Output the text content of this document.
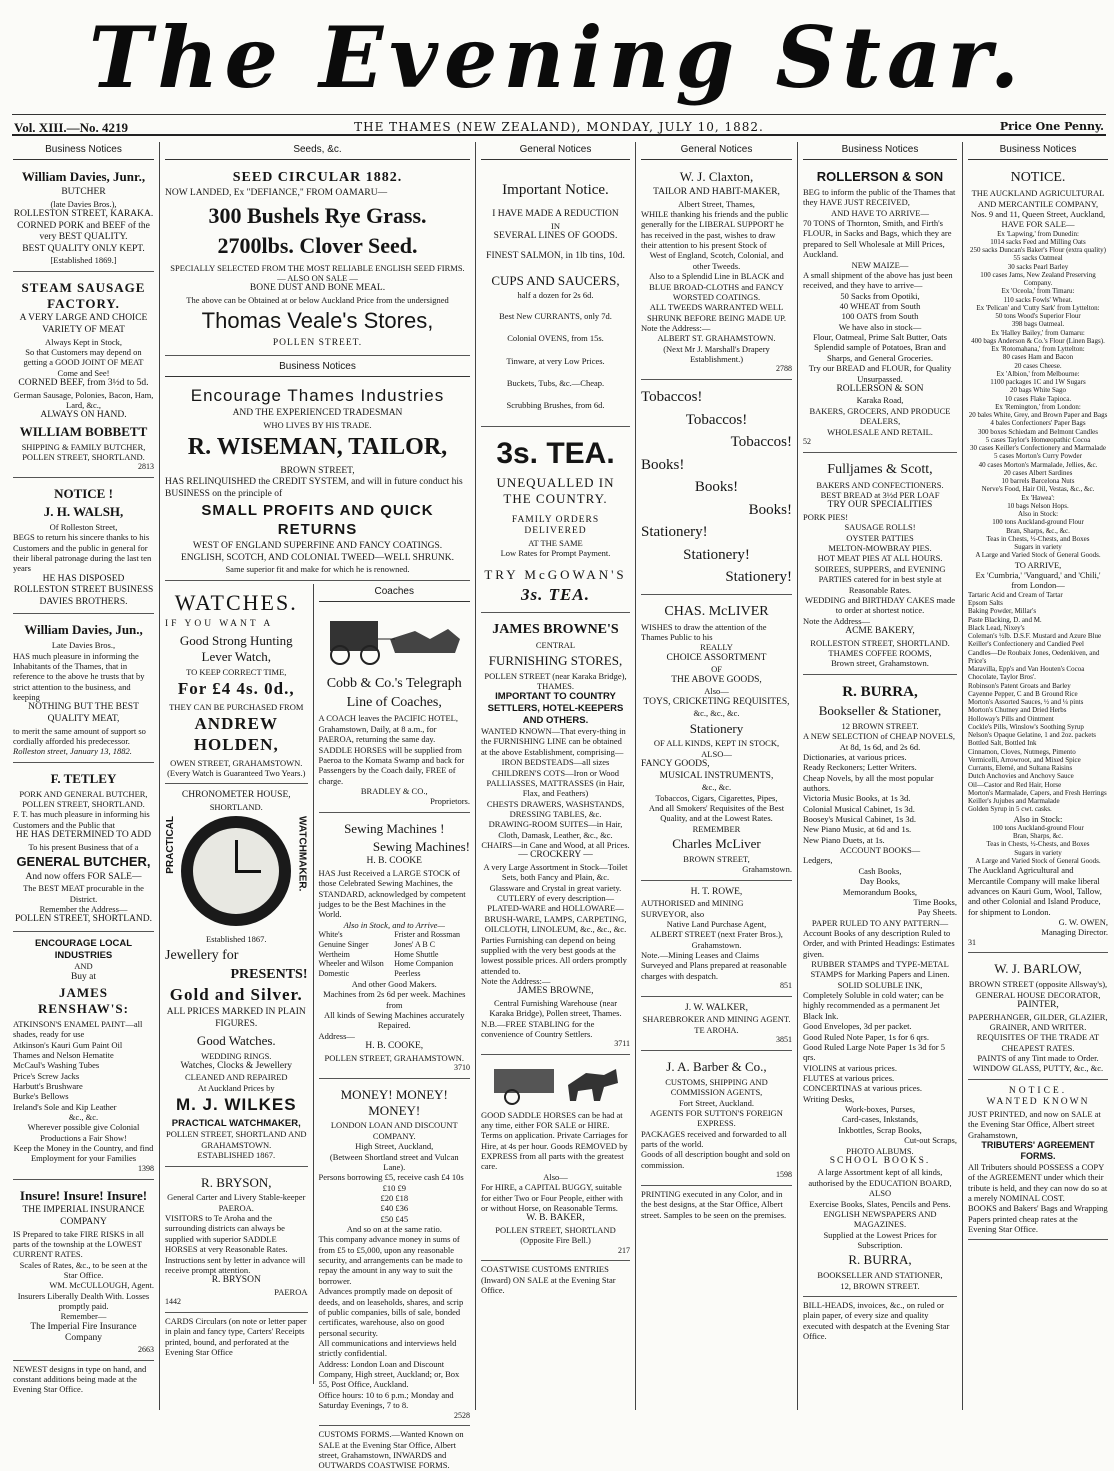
The Evening Star.
Vol. XIII.—No. 4219	THE THAMES (NEW ZEALAND), MONDAY, JULY 10, 1882.	Price One Penny.
Business Notices
William Davies, Junr.,
BUTCHER
(late Davies Bros.),
ROLLESTON STREET, KARAKA.
CORNED PORK and BEEF of the very BEST QUALITY.
BEST QUALITY ONLY KEPT.
[Established 1869.]
STEAM SAUSAGE FACTORY.
A VERY LARGE AND CHOICE VARIETY OF MEAT
Always Kept in Stock,
So that Customers may depend on getting a GOOD JOINT OF MEAT
Come and See!
CORNED BEEF, from 3½d to 5d.
German Sausage, Polonies, Bacon, Ham, Lard, &c.,
ALWAYS ON HAND.
WILLIAM BOBBETT
SHIPPING & FAMILY BUTCHER, POLLEN STREET, SHORTLAND.
2813
NOTICE !
J. H. WALSH,
Of Rolleston Street,
BEGS to return his sincere thanks to his Customers and the public in general for their liberal patronage during the last ten years
HE HAS DISPOSED
ROLLESTON STREET BUSINESS
DAVIES BROTHERS.
William Davies, Jun.,
Late Davies Bros.,
HAS much pleasure in informing the Inhabitants of the Thames, that in reference to the above he trusts that by strict attention to the business, and keeping
NOTHING BUT THE BEST QUALITY MEAT,
to merit the same amount of support so cordially afforded his predecessor.
Rolleston street, January 13, 1882.
F. TETLEY
PORK AND GENERAL BUTCHER, POLLEN STREET, SHORTLAND.
F. T. has much pleasure in informing his Customers and the Public that
HE HAS DETERMINED TO ADD
To his present Business that of a
GENERAL BUTCHER,
And now offers FOR SALE—
The BEST MEAT procurable in the District.
Remember the Address—
POLLEN STREET, SHORTLAND.
ENCOURAGE LOCAL INDUSTRIES
AND
Buy at
JAMES RENSHAW'S:
ATKINSON'S ENAMEL PAINT—all shades, ready for use
Atkinson's Kauri Gum Paint Oil
Thames and Nelson Hematite
McCaul's Washing Tubes
Price's Screw Jacks
Harbutt's Brushware
Burke's Bellows
Ireland's Sole and Kip Leather
&c., &c.
Wherever possible give Colonial Productions a Fair Show!
Keep the Money in the Country, and find Employment for your Families
1398
Insure! Insure! Insure!
THE IMPERIAL INSURANCE COMPANY
IS Prepared to take FIRE RISKS in all parts of the township at the LOWEST CURRENT RATES.
Scales of Rates, &c., to be seen at the Star Office.
WM. McCULLOUGH, Agent.
Insurers Liberally Dealth With. Losses promptly paid.
Remember—
The Imperial Fire Insurance Company
2663
NEWEST designs in type on hand, and constant additions being made at the Evening Star Office.
Seeds, &c.
SEED CIRCULAR 1882.
NOW LANDED, Ex "DEFIANCE," FROM OAMARU—
300 Bushels Rye Grass.
2700lbs. Clover Seed.
SPECIALLY SELECTED FROM THE MOST RELIABLE ENGLISH SEED FIRMS.
— ALSO ON SALE —
BONE DUST AND BONE MEAL.
The above can be Obtained at or below Auckland Price from the undersigned
Thomas Veale's Stores,
POLLEN STREET.
Business Notices
Encourage Thames Industries
AND THE EXPERIENCED TRADESMAN
WHO LIVES BY HIS TRADE.
R. WISEMAN, TAILOR,
BROWN STREET,
HAS RELINQUISHED the CREDIT SYSTEM, and will in future conduct his BUSINESS on the principle of
SMALL PROFITS AND QUICK RETURNS
WEST OF ENGLAND SUPERFINE AND FANCY COATINGS.
ENGLISH, SCOTCH, AND COLONIAL TWEED—WELL SHRUNK.
Same superior fit and make for which he is renowned.
WATCHES.
IF YOU WANT A
Good Strong Hunting Lever Watch,
TO KEEP CORRECT TIME,
For £4 4s. 0d.,
THEY CAN BE PURCHASED FROM
ANDREW HOLDEN,
OWEN STREET, GRAHAMSTOWN.
(Every Watch is Guaranteed Two Years.)
CHRONOMETER HOUSE,
SHORTLAND.
PRACTICAL	WATCHMAKER.
Established 1867.
Jewellery for
PRESENTS!
Gold and Silver.
ALL PRICES MARKED IN PLAIN FIGURES.
Good Watches.
WEDDING RINGS.
Watches, Clocks & Jewellery
CLEANED AND REPAIRED
At Auckland Prices by
M. J. WILKES
PRACTICAL WATCHMAKER,
POLLEN STREET, SHORTLAND AND GRAHAMSTOWN.
ESTABLISHED 1867.
R. BRYSON,
General Carter and Livery Stable-keeper PAEROA.
VISITORS to Te Aroha and the surrounding districts can always be supplied with superior SADDLE HORSES at very Reasonable Rates. Instructions sent by letter in advance will receive prompt attention.
R. BRYSON
PAEROA
1442
CARDS Circulars (on note or letter paper in plain and fancy type, Carters' Receipts printed, bound, and perforated at the Evening Star Office
Coaches
Cobb & Co.'s Telegraph
Line of Coaches,
A COACH leaves the PACIFIC HOTEL, Grahamstown, Daily, at 8 a.m., for PAEROA, returning the same day.
SADDLE HORSES will be supplied from Paeroa to the Komata Swamp and back for Passengers by the Coach daily, FREE of charge.
BRADLEY & CO.,
Proprietors.
Sewing Machines !
Sewing Machines!
H. B. COOKE
HAS Just Received a LARGE STOCK of those Celebrated Sewing Machines, the STANDARD, acknowledged by competent judges to be the Best Machines in the World.
Also in Stock, and to Arrive—
White's
Genuine Singer
Wertheim
Wheeler and Wilson
Domestic
Frister and Rossman
Jones' A B C
Home Shuttle
Home Companion
Peerless
And other Good Makers.
Machines from 2s 6d per week. Machines from
All kinds of Sewing Machines accurately Repaired.
Address—
H. B. COOKE,
POLLEN STREET, GRAHAMSTOWN.
3710
MONEY! MONEY! MONEY!
LONDON LOAN AND DISCOUNT COMPANY.
High Street, Auckland,
(Between Shortland street and Vulcan Lane).
Persons borrowing £5, receive cash £4 10s
£10 £9
£20 £18
£40 £36
£50 £45
And so on at the same ratio.
This company advance money in sums of from £5 to £5,000, upon any reasonable security, and arrangements can be made to repay the amount in any way to suit the borrower.
Advances promptly made on deposit of deeds, and on leaseholds, shares, and scrip of public companies, bills of sale, bonded certificates, warehouse, also on good personal security.
All communications and interviews held strictly confidential.
Address: London Loan and Discount Company, High street, Auckland; or, Box 55, Post Office, Auckland.
Office hours: 10 to 6 p.m.; Monday and Saturday Evenings, 7 to 8.
2528
CUSTOMS FORMS.—Wanted Known on SALE at the Evening Star Office, Albert street, Grahamstown, INWARDS and OUTWARDS COASTWISE FORMS.
General Notices
Important Notice.
I HAVE MADE A REDUCTION
IN
SEVERAL LINES OF GOODS.
FINEST SALMON, in 1lb tins, 10d.
CUPS AND SAUCERS,
half a dozen for 2s 6d.
Best New CURRANTS, only 7d.
Colonial OVENS, from 15s.
Tinware, at very Low Prices.
Buckets, Tubs, &c.—Cheap.
Scrubbing Brushes, from 6d.
3s. TEA.
UNEQUALLED IN THE COUNTRY.
FAMILY ORDERS DELIVERED
AT THE SAME
Low Rates for Prompt Payment.
TRY McGOWAN'S
3s. TEA.
JAMES BROWNE'S
CENTRAL
FURNISHING STORES,
POLLEN STREET (near Karaka Bridge), THAMES.
IMPORTANT TO COUNTRY SETTLERS, HOTEL-KEEPERS AND OTHERS.
WANTED KNOWN—That every-thing in the FURNISHING LINE can be obtained at the above Establishment, comprising—
IRON BEDSTEADS—all sizes
CHILDREN'S COTS—Iron or Wood
PALLIASSES, MATTRASSES (in Hair, Flax, and Feathers)
CHESTS DRAWERS, WASHSTANDS, DRESSING TABLES, &c.
DRAWING-ROOM SUITES—in Hair, Cloth, Damask, Leather, &c., &c.
CHAIRS—in Cane and Wood, at all Prices.
— CROCKERY —
A very Large Assortment in Stock—Toilet Sets, both Fancy and Plain, &c.
Glassware and Crystal in great variety.
CUTLERY of every description—PLATED-WARE and HOLLOWARE—BRUSH-WARE, LAMPS, CARPETING, OILCLOTH, LINOLEUM, &c., &c., &c.
Parties Furnishing can depend on being supplied with the very best goods at the lowest possible prices. All orders promptly attended to.
Note the Address:—
JAMES BROWNE,
Central Furnishing Warehouse (near Karaka Bridge), Pollen street, Thames.
N.B.—FREE STABLING for the convenience of Country Settlers.
3711
GOOD SADDLE HORSES can be had at any time, either FOR SALE or HIRE. Terms on application. Private Carriages for Hire, at 4s per hour. Goods REMOVED by EXPRESS from all parts with the greatest care.
Also—
For HIRE, a CAPITAL BUGGY, suitable for either Two or Four People, either with or without Horse, on Reasonable Terms.
W. B. BAKER,
POLLEN STREET, SHORTLAND
(Opposite Fire Bell.)
217
COASTWISE CUSTOMS ENTRIES (Inward) ON SALE at the Evening Star Office.
General Notices
W. J. Claxton,
TAILOR AND HABIT-MAKER,
Albert Street, Thames,
WHILE thanking his friends and the public generally for the LIBERAL SUPPORT he has received in the past, wishes to draw their attention to his present Stock of
West of England, Scotch, Colonial, and other Tweeds.
Also to a Splendid Line in BLACK and BLUE BROAD-CLOTHS and FANCY WORSTED COATINGS.
ALL TWEEDS WARRANTED WELL SHRUNK BEFORE BEING MADE UP.
Note the Address:—
ALBERT ST. GRAHAMSTOWN.
(Next Mr J. Marshall's Drapery Establishment.)
2788
Tobaccos!
Tobaccos!
Tobaccos!
Books!
Books!
Books!
Stationery!
Stationery!
Stationery!
CHAS. McLIVER
WISHES to draw the attention of the Thames Public to his
REALLY
CHOICE ASSORTMENT
OF
THE ABOVE GOODS,
Also—
TOYS, CRICKETING REQUISITES,
&c., &c., &c.
Stationery
OF ALL KINDS, KEPT IN STOCK,
ALSO—
FANCY GOODS,
MUSICAL INSTRUMENTS,
&c., &c.
Tobaccos, Cigars, Cigarettes, Pipes,
And all Smokers' Requisites of the Best Quality, and at the Lowest Rates.
REMEMBER
Charles McLiver
BROWN STREET,
Grahamstown.
H. T. ROWE,
AUTHORISED and MINING SURVEYOR, also
Native Land Purchase Agent,
ALBERT STREET (next Frater Bros.), Grahamstown.
Note.—Mining Leases and Claims Surveyed and Plans prepared at reasonable charges with despatch.
851
J. W. WALKER,
SHAREBROKER AND MINING AGENT.
TE AROHA.
3851
J. A. Barber & Co.,
CUSTOMS, SHIPPING AND COMMISSION AGENTS,
Fort Street, Auckland.
AGENTS FOR SUTTON'S FOREIGN EXPRESS.
PACKAGES received and forwarded to all parts of the world.
Goods of all description bought and sold on commission.
1598
PRINTING executed in any Color, and in the best designs, at the Star Office, Albert street. Samples to be seen on the premises.
Business Notices
ROLLERSON & SON
BEG to inform the public of the Thames that they HAVE JUST RECEIVED,
AND HAVE TO ARRIVE—
70 TONS of Thornton, Smith, and Firth's FLOUR, in Sacks and Bags, which they are prepared to Sell Wholesale at Mill Prices, Auckland.
NEW MAIZE—
A small shipment of the above has just been received, and they have to arrive—
50 Sacks from Opotiki,
40 WHEAT from South
100 OATS from South
We have also in stock—
Flour, Oatmeal, Prime Salt Butter, Oats Splendid sample of Potatoes, Bran and Sharps, and General Groceries.
Try our BREAD and FLOUR, for Quality Unsurpassed.
ROLLERSON & SON
Karaka Road,
BAKERS, GROCERS, AND PRODUCE DEALERS,
WHOLESALE AND RETAIL.
52
Fulljames & Scott,
BAKERS AND CONFECTIONERS.
BEST BREAD at 3½d PER LOAF
TRY OUR SPECIALITIES
PORK PIES!
SAUSAGE ROLLS!
OYSTER PATTIES
MELTON-MOWBRAY PIES.
HOT MEAT PIES AT ALL HOURS.
SOIREES, SUPPERS, and EVENING PARTIES catered for in best style at Reasonable Rates.
WEDDING and BIRTHDAY CAKES made to order at shortest notice.
Note the Address—
ACME BAKERY,
ROLLESTON STREET, SHORTLAND.
THAMES COFFEE ROOMS,
Brown street, Grahamstown.
R. BURRA,
Bookseller & Stationer,
12 BROWN STREET.
A NEW SELECTION of CHEAP NOVELS,
At 8d, 1s 6d, and 2s 6d.
Dictionaries, at various prices.
Ready Reckoners; Letter Writers.
Cheap Novels, by all the most popular authors.
Victoria Music Books, at 1s 3d.
Colonial Musical Cabinet, 1s 3d.
Boosey's Musical Cabinet, 1s 3d.
New Piano Music, at 6d and 1s.
New Piano Duets, at 1s.
ACCOUNT BOOKS—
Ledgers,
Cash Books,
Day Books,
Memorandum Books,
Time Books,
Pay Sheets.
PAPER RULED TO ANY PATTERN—
Account Books of any description Ruled to Order, and with Printed Headings: Estimates given.
RUBBER STAMPS and TYPE-METAL STAMPS for Marking Papers and Linen.
SOLID SOLUBLE INK,
Completely Soluble in cold water; can be highly recommended as a permanent Jet Black Ink.
Good Envelopes, 3d per packet.
Good Ruled Note Paper, 1s for 6 qrs.
Good Ruled Large Note Paper 1s 3d for 5 qrs.
VIOLINS at various prices.
FLUTES at various prices.
CONCERTINAS at various prices.
Writing Desks,
Work-boxes, Purses,
Card-cases, Inkstands,
Inkbottles, Scrap Books,
Cut-out Scraps,
PHOTO ALBUMS.
SCHOOL BOOKS.
A large Assortment kept of all kinds, authorised by the EDUCATION BOARD,
ALSO
Exercise Books, Slates, Pencils and Pens.
ENGLISH NEWSPAPERS AND MAGAZINES.
Supplied at the Lowest Prices for Subscription.
R. BURRA,
BOOKSELLER AND STATIONER,
12, BROWN STREET.
BILL-HEADS, invoices, &c., on ruled or plain paper, of every size and quality executed with despatch at the Evening Star Office.
Business Notices
NOTICE.
THE AUCKLAND AGRICULTURAL AND MERCANTILE COMPANY,
Nos. 9 and 11, Queen Street, Auckland,
HAVE FOR SALE—
Ex 'Lapwing,' from Dunedin:
1014 sacks Feed and Milling Oats
250 sacks Duncan's Baker's Flour (extra quality)
55 sacks Oatmeal
30 sacks Pearl Barley
100 cases Jams, New Zealand Preserving Company.
Ex 'Oceola,' from Timaru:
110 sacks Fowls' Wheat.
Ex 'Pelican' and 'Cutty Sark' from Lyttelton:
50 tons Wood's Superior Flour
398 bags Oatmeal.
Ex 'Halley Bailey,' from Oamaru:
400 bags Anderson & Co.'s Flour (Linen Bags).
Ex 'Rotomahana,' from Lyttelton:
80 cases Ham and Bacon
20 cases Cheese.
Ex 'Albion,' from Melbourne:
1100 packages 1C and 1W Sugars
20 bags White Sago
10 cases Flake Tapioca.
Ex 'Remington,' from London:
20 bales White, Grey, and Brown Paper and Bags
4 bales Confectioners' Paper Bags
300 boxes Schiedam and Belmont Candles
5 cases Taylor's Homœopathic Cocoa
30 cases Keiller's Confectionery and Marmalade
5 cases Morton's Curry Powder
40 cases Morton's Marmalade, Jellies, &c.
20 cases Albert Sardines
10 barrels Barcelona Nuts
Nerve's Food, Hair Oil, Vestas, &c., &c.
Ex 'Hawea':
10 bags Nelson Hops.
Also in Stock:
100 tons Auckland-ground Flour
Bran, Sharps, &c., &c.
Teas in Chests, ½-Chests, and Boxes
Sugars in variety
A Large and Varied Stock of General Goods.
TO ARRIVE,
Ex 'Cumbria,' 'Vanguard,' and 'Chili,' from London—
Tartaric Acid and Cream of Tartar
Epsom Salts
Baking Powder, Millar's
Paste Blacking, D. and M.
Black Lead, Nixey's
Coleman's ½lb. D.S.F. Mustard and Azure Blue
Keiller's Confectionery and Candied Peel
Candles—De Roubaix Jones, Oedenkiven, and Price's
Maravilla, Epp's and Van Houten's Cocoa
Chocolate, Taylor Bros'.
Robinson's Patent Groats and Barley
Cayenne Pepper, C and B Ground Rice
Morton's Assorted Sauces, ½ and ¼ pints
Morton's Chutney and Dried Herbs
Holloway's Pills and Ointment
Cockle's Pills, Winslow's Soothing Syrup
Nelson's Opaque Gelatine, 1 and 2oz. packets
Bottled Salt, Bottled Ink
Cinnamon, Cloves, Nutmegs, Pimento
Vermicelli, Arrowroot, and Mixed Spice
Currants, Elemé, and Sultana Raisins
Dutch Anchovies and Anchovy Sauce
Oil—Castor and Red Hair, Horse
Morton's Marmalade, Capers, and Fresh Herrings
Keiller's Jujubes and Marmalade
Golden Syrup in 5 cwt. casks.
Also in Stock:
100 tons Auckland-ground Flour
Bran, Sharps, &c.
Teas in Chests, ½-Chests, and Boxes
Sugars in variety
A Large and Varied Stock of General Goods.
The Auckland Agricultural and Mercantile Company will make liberal advances on Kauri Gum, Wool, Tallow, and other Colonial and Island Produce, for shipment to London.
G. W. OWEN,
Managing Director.
31
W. J. BARLOW,
BROWN STREET (opposite Allsway's),
GENERAL HOUSE DECORATOR,
PAINTER,
PAPERHANGER, GILDER, GLAZIER,
GRAINER, AND WRITER.
REQUISITES OF THE TRADE AT
CHEAPEST RATES.
PAINTS of any Tint made to Order.
WINDOW GLASS, PUTTY, &c., &c.
NOTICE.
WANTED KNOWN
JUST PRINTED, and now on SALE at the Evening Star Office, Albert street Grahamstown,
TRIBUTERS' AGREEMENT FORMS.
All Tributers should POSSESS a COPY of the AGREEMENT under which their tribute is held, and they can now do so at a merely NOMINAL COST.
BOOKS and Bakers' Bags and Wrapping Papers printed cheap rates at the Evening Star Office.
